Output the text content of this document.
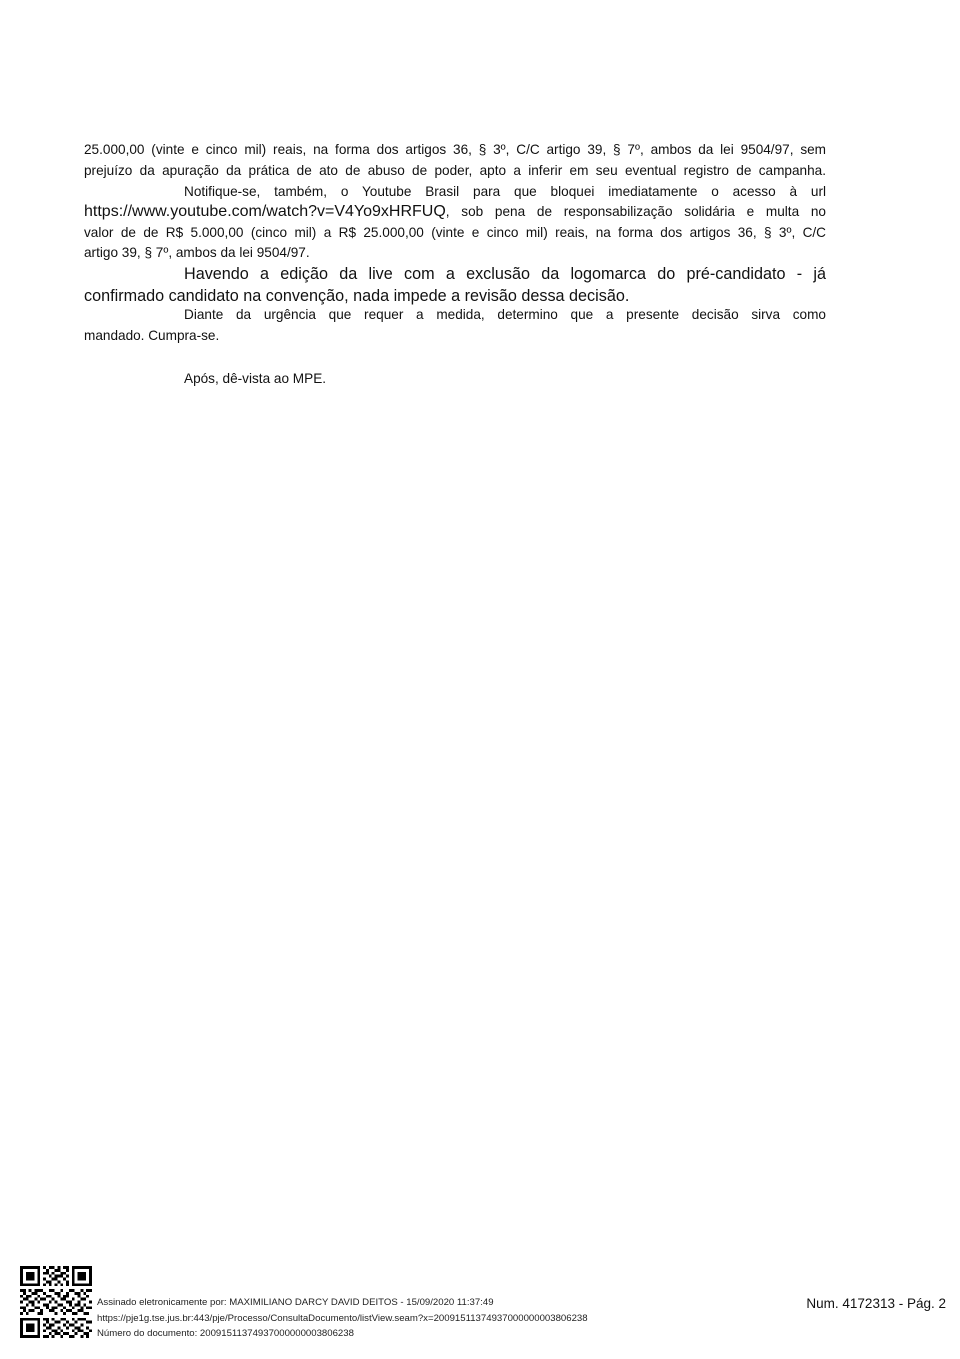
25.000,00 (vinte e cinco mil) reais, na forma dos artigos 36, § 3º, C/C artigo 39, § 7º, ambos da lei 9504/97, sem
prejuízo da apuração da prática de ato de abuso de poder, apto a inferir em seu eventual registro de campanha.
Notifique-se, também, o Youtube Brasil para que bloquei imediatamente o acesso à url
https://www.youtube.com/watch?v=V4Yo9xHRFUQ, sob pena de responsabilização solidária e multa no
valor de de R$ 5.000,00 (cinco mil) a R$ 25.000,00 (vinte e cinco mil) reais, na forma dos artigos 36, § 3º, C/C
artigo 39, § 7º, ambos da lei 9504/97.
Havendo a edição da live com a exclusão da logomarca do pré-candidato - já
confirmado candidato na convenção, nada impede a revisão dessa decisão.
Diante da urgência que requer a medida, determino que a presente decisão sirva como
mandado. Cumpra-se.
Após, dê-vista ao MPE.
Assinado eletronicamente por: MAXIMILIANO DARCY DAVID DEITOS - 15/09/2020 11:37:49
https://pje1g.tse.jus.br:443/pje/Processo/ConsultaDocumento/listView.seam?x=20091511374937000000003806238
Número do documento: 20091511374937000000003806238
Num. 4172313 - Pág. 2
